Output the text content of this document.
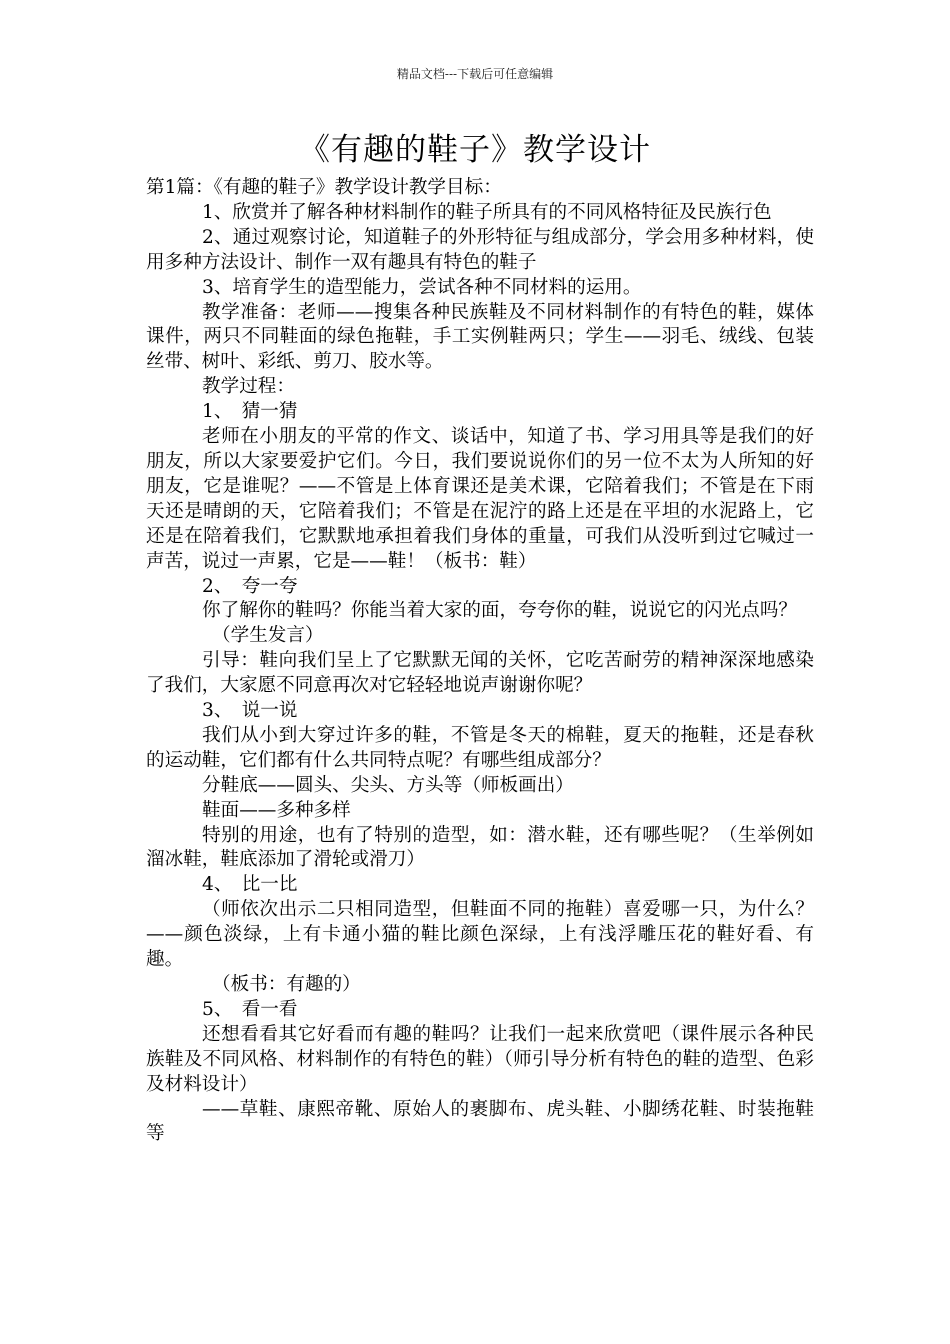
精品文档---下载后可任意编辑
《有趣的鞋子》教学设计

第1篇：《有趣的鞋子》教学设计教学目标：

1、欣赏并了解各种材料制作的鞋子所具有的不同风格特征及民族行色

2、通过观察讨论，知道鞋子的外形特征与组成部分，学会用多种材料，使用多种方法设计、制作一双有趣具有特色的鞋子

3、培育学生的造型能力，尝试各种不同材料的运用。

教学准备：老师——搜集各种民族鞋及不同材料制作的有特色的鞋，媒体课件，两只不同鞋面的绿色拖鞋，手工实例鞋两只；学生——羽毛、绒线、包装丝带、树叶、彩纸、剪刀、胶水等。

教学过程：

1、　猜一猜

老师在小朋友的平常的作文、谈话中，知道了书、学习用具等是我们的好朋友，所以大家要爱护它们。今日，我们要说说你们的另一位不太为人所知的好朋友，它是谁呢？——不管是上体育课还是美术课，它陪着我们；不管是在下雨天还是晴朗的天，它陪着我们；不管是在泥泞的路上还是在平坦的水泥路上，它还是在陪着我们，它默默地承担着我们身体的重量，可我们从没听到过它喊过一声苦，说过一声累，它是——鞋！（板书：鞋）

2、　夸一夸

你了解你的鞋吗？你能当着大家的面，夸夸你的鞋，说说它的闪光点吗？

（学生发言）

引导：鞋向我们呈上了它默默无闻的关怀，它吃苦耐劳的精神深深地感染了我们，大家愿不同意再次对它轻轻地说声谢谢你呢？

3、　说一说

我们从小到大穿过许多的鞋，不管是冬天的棉鞋，夏天的拖鞋，还是春秋的运动鞋，它们都有什么共同特点呢？有哪些组成部分？

分鞋底——圆头、尖头、方头等（师板画出）

鞋面——多种多样

特别的用途，也有了特别的造型，如：潜水鞋，还有哪些呢？（生举例如溜冰鞋，鞋底添加了滑轮或滑刀）

4、　比一比

（师依次出示二只相同造型，但鞋面不同的拖鞋）喜爱哪一只，为什么？——颜色淡绿，上有卡通小猫的鞋比颜色深绿，上有浅浮雕压花的鞋好看、有趣。

（板书：有趣的）

5、　看一看

还想看看其它好看而有趣的鞋吗？让我们一起来欣赏吧（课件展示各种民族鞋及不同风格、材料制作的有特色的鞋）（师引导分析有特色的鞋的造型、色彩及材料设计）

——草鞋、康熙帝靴、原始人的裹脚布、虎头鞋、小脚绣花鞋、时装拖鞋等
